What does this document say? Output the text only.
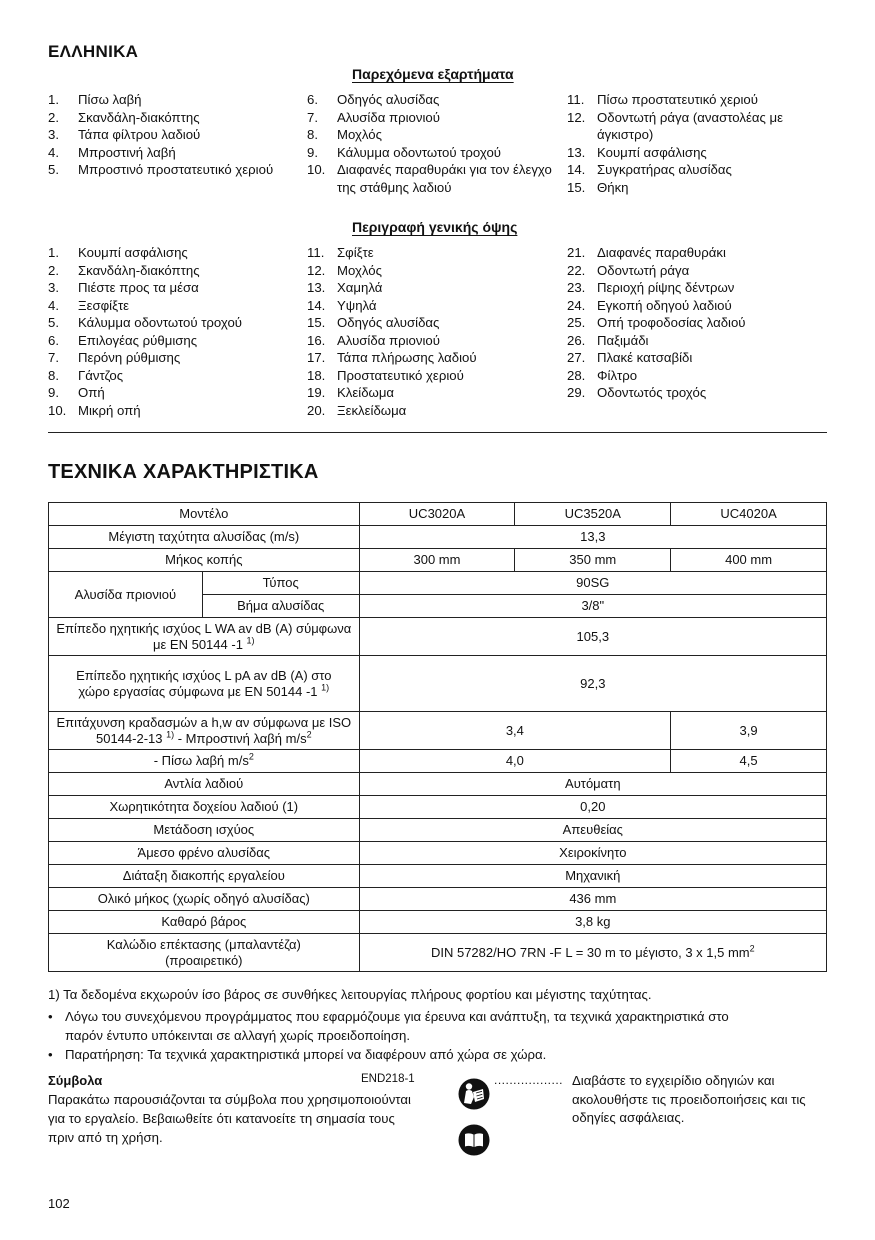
ΕΛΛΗΝΙΚΑ
Παρεχόμενα εξαρτήματα
1.	Πίσω λαβή
2.	Σκανδάλη-διακόπτης
3.	Τάπα φίλτρου λαδιού
4.	Μπροστινή λαβή
5.	Μπροστινό προστατευτικό χεριού
6.	Οδηγός αλυσίδας
7.	Αλυσίδα πριονιού
8.	Μοχλός
9.	Κάλυμμα οδοντωτού τροχού
10. Διαφανές παραθυράκι για τον έλεγχο της στάθμης λαδιού
11. Πίσω προστατευτικό χεριού
12. Οδοντωτή ράγα (αναστολέας με άγκιστρο)
13. Κουμπί ασφάλισης
14. Συγκρατήρας αλυσίδας
15. Θήκη
Περιγραφή γενικής όψης
1.	Κουμπί ασφάλισης
2.	Σκανδάλη-διακόπτης
3.	Πιέστε προς τα μέσα
4.	Ξεσφίξτε
5.	Κάλυμμα οδοντωτού τροχού
6.	Επιλογέας ρύθμισης
7.	Περόνη ρύθμισης
8.	Γάντζος
9.	Οπή
10. Μικρή οπή
11. Σφίξτε
12. Μοχλός
13. Χαμηλά
14. Υψηλά
15. Οδηγός αλυσίδας
16. Αλυσίδα πριονιού
17. Τάπα πλήρωσης λαδιού
18. Προστατευτικό χεριού
19. Κλείδωμα
20. Ξεκλείδωμα
21. Διαφανές παραθυράκι
22. Οδοντωτή ράγα
23. Περιοχή ρίψης δέντρων
24. Εγκοπή οδηγού λαδιού
25. Οπή τροφοδοσίας λαδιού
26. Παξιμάδι
27. Πλακέ κατσαβίδι
28. Φίλτρο
29. Οδοντωτός τροχός
ΤΕΧΝΙΚΑ ΧΑΡΑΚΤΗΡΙΣΤΙΚΑ
Μοντέλο		UC3020A	UC3520A	UC4020A
Μέγιστη ταχύτητα αλυσίδας (m/s)		13,3		
Μήκος κοπής		300 mm	350 mm	400 mm
Αλυσίδα πριονιού	Τύπος	90SG		
	Βήμα αλυσίδας	3/8"		
Επίπεδο ηχητικής ισχύος L WA av dB (A) σύμφωνα με EN 50144 -1 $^{1)}$		105,3		
Επίπεδο ηχητικής ισχύος L pA av dB (A) στο χώρο εργασίας σύμφωνα με EN 50144 -1 $^{1)}$		92,3		
Επιτάχυνση κραδασμών a h,w αν σύμφωνα με ISO 50144-2-13 $^{1)}$ - Μπροστινή λαβή $m/s^2$		3,4		3,9
- Πίσω λαβή $m/s^2$		4,0		4,5
Αντλία λαδιού		Αυτόματη		
Χωρητικότητα δοχείου λαδιού (1)		0,20		
Μετάδοση ισχύος		Απευθείας		
Άμεσο φρένο αλυσίδας		Χειροκίνητο		
Διάταξη διακοπής εργαλείου		Μηχανική		
Ολικό μήκος (χωρίς οδηγό αλυσίδας)		436 mm		
Καθαρό βάρος		3,8 kg		
Καλώδιο επέκτασης (μπαλαντέζα) (προαιρετικό)		DIN 57282/HO 7RN -F L = 30 m το μέγιστο, 3 x 1,5 $mm^2$
1) Τα δεδομένα εκχωρούν ίσο βάρος σε συνθήκες λειτουργίας πλήρους φορτίου και μέγιστης ταχύτητας.
• Λόγω του συνεχόμενου προγράμματος που εφαρμόζουμε για έρευνα και ανάπτυξη, τα τεχνικά χαρακτηριστικά στο παρόν έντυπο υπόκεινται σε αλλαγή χωρίς προειδοποίηση.
• Παρατήρηση: Τα τεχνικά χαρακτηριστικά μπορεί να διαφέρουν από χώρα σε χώρα.
Σύμβολα	END218-1
Παρακάτω παρουσιάζονται τα σύμβολα που χρησιμοποιούνται για το εργαλείο. Βεβαιωθείτε ότι κατανοείτε τη σημασία τους πριν από τη χρήση.
.................. Διαβάστε το εγχειρίδιο οδηγιών και ακολουθήστε τις προειδοποιήσεις και τις οδηγίες ασφάλειας.
102
